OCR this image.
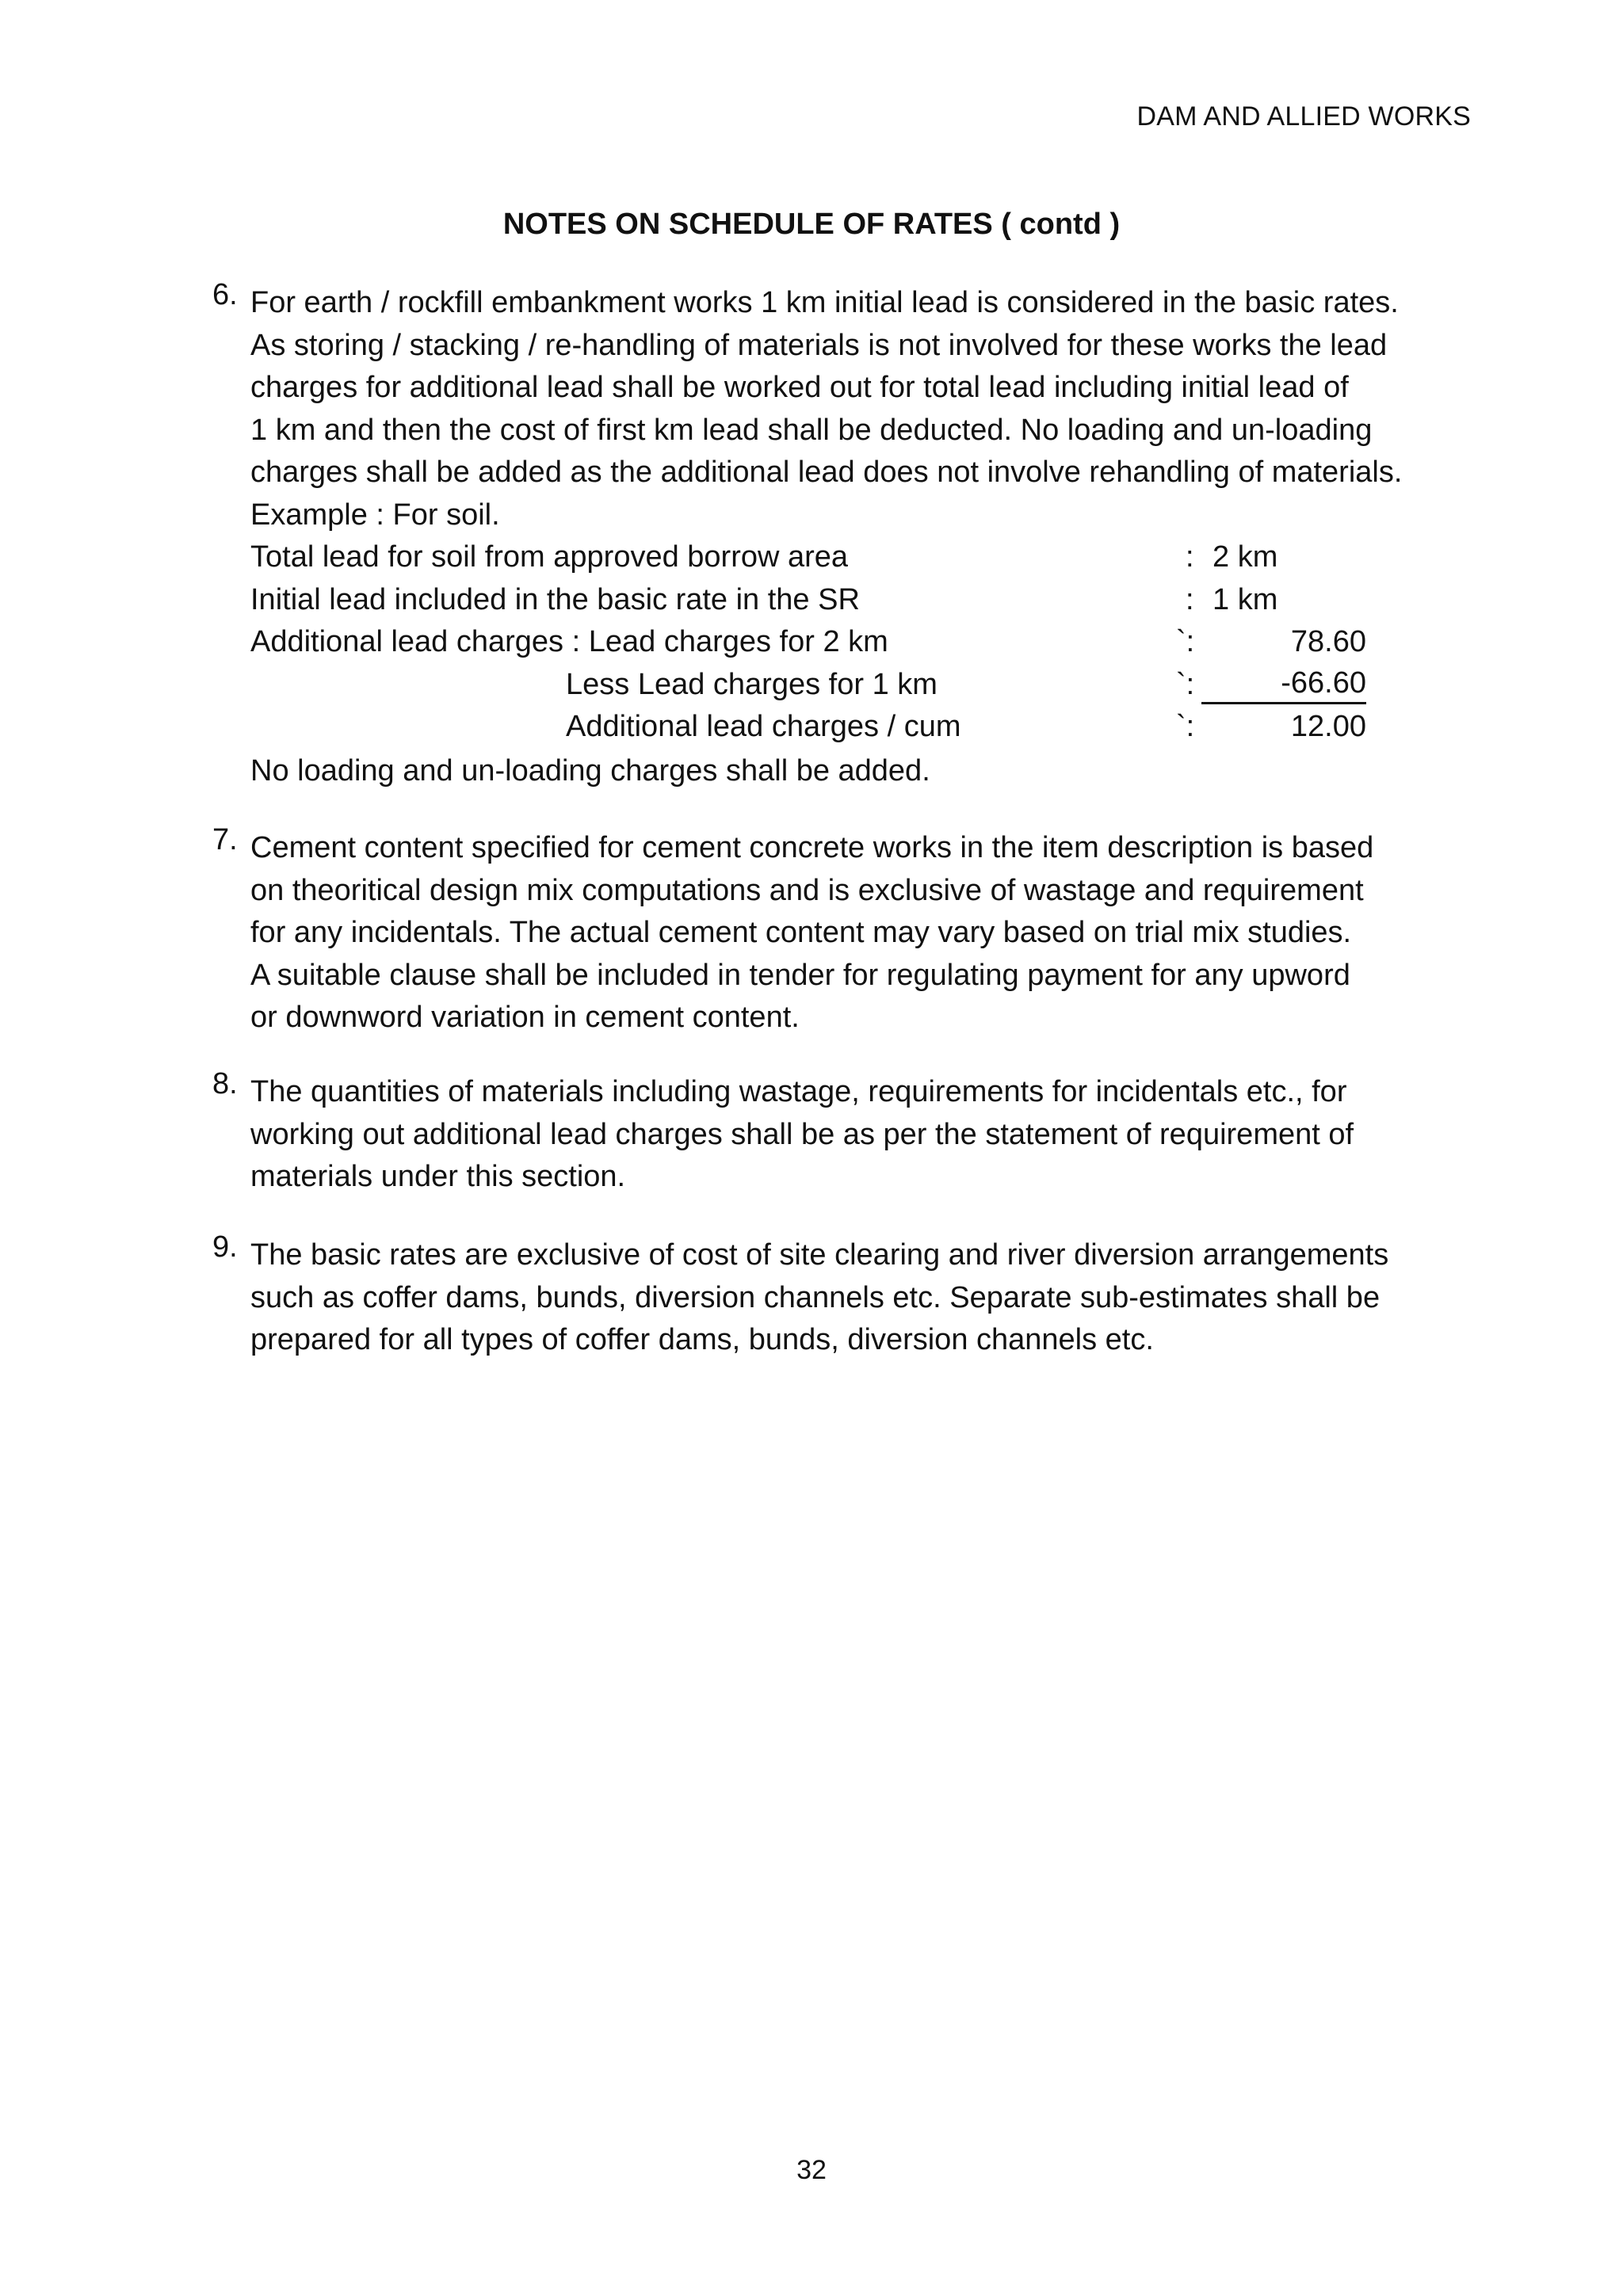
DAM AND ALLIED WORKS
NOTES ON SCHEDULE OF RATES ( contd )
6. For earth / rockfill embankment works 1 km initial lead is considered in the basic rates.
As storing / stacking / re-handling of materials is not involved for these works the lead
charges for additional lead shall be worked out for total lead including initial lead of
1 km and then the cost of first km lead shall be deducted. No loading and un-loading
charges shall be added as the additional lead does not involve rehandling of materials.
Example : For soil.
Total lead for soil from approved borrow area	: 2 km
Initial lead included in the basic rate in the SR	: 1 km
Additional lead charges : Lead charges for 2 km	`:	78.60
Less Lead charges for 1 km	`:	-66.60
Additional lead charges / cum	`:	12.00
No loading and un-loading charges shall be added.
7. Cement content specified for cement concrete works in the item description is based
on theoritical design mix computations and is exclusive of wastage and requirement
for any incidentals. The actual cement content may vary based on trial mix studies.
A suitable clause shall be included in tender for regulating payment for any upword
or downword variation in cement content.
8. The quantities of materials including wastage, requirements for incidentals etc., for
working out additional lead charges shall be as per the statement of requirement of
materials under this section.
9. The basic rates are exclusive of cost of site clearing and river diversion arrangements
such as coffer dams, bunds, diversion channels etc. Separate sub-estimates shall be
prepared for all types of coffer dams, bunds, diversion channels etc.
32
